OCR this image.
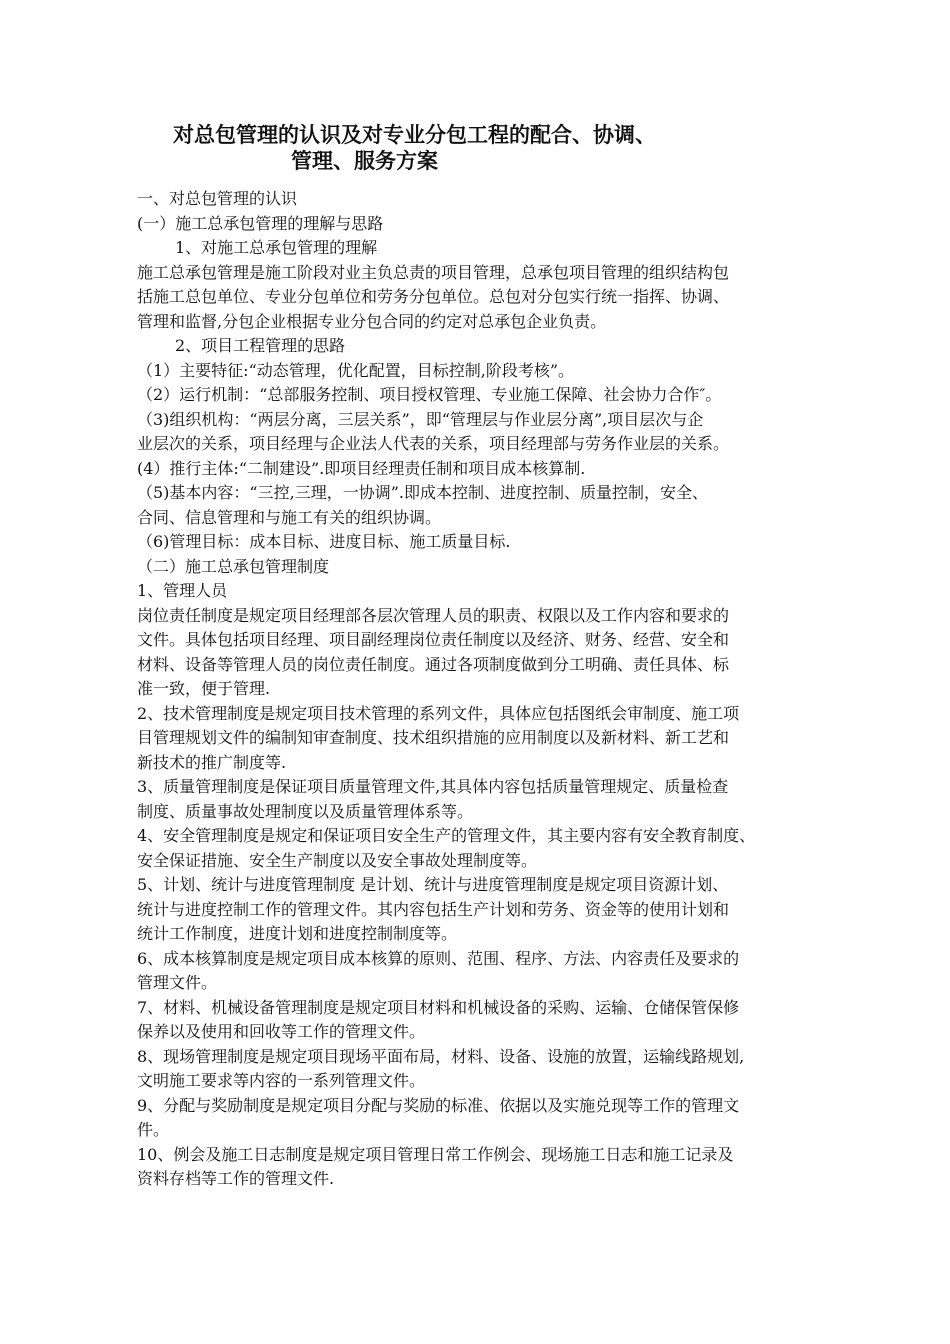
对总包管理的认识及对专业分包工程的配合、协调、
管理、服务方案
一、对总包管理的认识
(一）施工总承包管理的理解与思路
1、对施工总承包管理的理解
施工总承包管理是施工阶段对业主负总责的项目管理，总承包项目管理的组织结构包
括施工总包单位、专业分包单位和劳务分包单位。总包对分包实行统一指挥、协调、
管理和监督,分包企业根据专业分包合同的约定对总承包企业负责。
2、项目工程管理的思路
（1）主要特征:“动态管理，优化配置，目标控制,阶段考核”。
（2）运行机制：“总部服务控制、项目授权管理、专业施工保障、社会协力合作″。
（3)组织机构：“两层分离，三层关系”，即“管理层与作业层分离”,项目层次与企
业层次的关系，项目经理与企业法人代表的关系，项目经理部与劳务作业层的关系。
(4）推行主体:“二制建设”.即项目经理责任制和项目成本核算制.
（5)基本内容：“三控,三理，一协调”.即成本控制、进度控制、质量控制，安全、
合同、信息管理和与施工有关的组织协调。
（6)管理目标：成本目标、进度目标、施工质量目标.
（二）施工总承包管理制度
1、管理人员
岗位责任制度是规定项目经理部各层次管理人员的职责、权限以及工作内容和要求的
文件。具体包括项目经理、项目副经理岗位责任制度以及经济、财务、经营、安全和
材料、设备等管理人员的岗位责任制度。通过各项制度做到分工明确、责任具体、标
准一致，便于管理.
2、技术管理制度是规定项目技术管理的系列文件，具体应包括图纸会审制度、施工项
目管理规划文件的编制知审查制度、技术组织措施的应用制度以及新材料、新工艺和
新技术的推广制度等.
3、质量管理制度是保证项目质量管理文件,其具体内容包括质量管理规定、质量检查
制度、质量事故处理制度以及质量管理体系等。
4、安全管理制度是规定和保证项目安全生产的管理文件，其主要内容有安全教育制度、
安全保证措施、安全生产制度以及安全事故处理制度等。
5、计划、统计与进度管理制度 是计划、统计与进度管理制度是规定项目资源计划、
统计与进度控制工作的管理文件。其内容包括生产计划和劳务、资金等的使用计划和
统计工作制度，进度计划和进度控制制度等。
6、成本核算制度是规定项目成本核算的原则、范围、程序、方法、内容责任及要求的
管理文件。
7、材料、机械设备管理制度是规定项目材料和机械设备的采购、运输、仓储保管保修
保养以及使用和回收等工作的管理文件。
8、现场管理制度是规定项目现场平面布局，材料、设备、设施的放置，运输线路规划,
文明施工要求等内容的一系列管理文件。
9、分配与奖励制度是规定项目分配与奖励的标准、依据以及实施兑现等工作的管理文
件。
10、例会及施工日志制度是规定项目管理日常工作例会、现场施工日志和施工记录及
资料存档等工作的管理文件.
